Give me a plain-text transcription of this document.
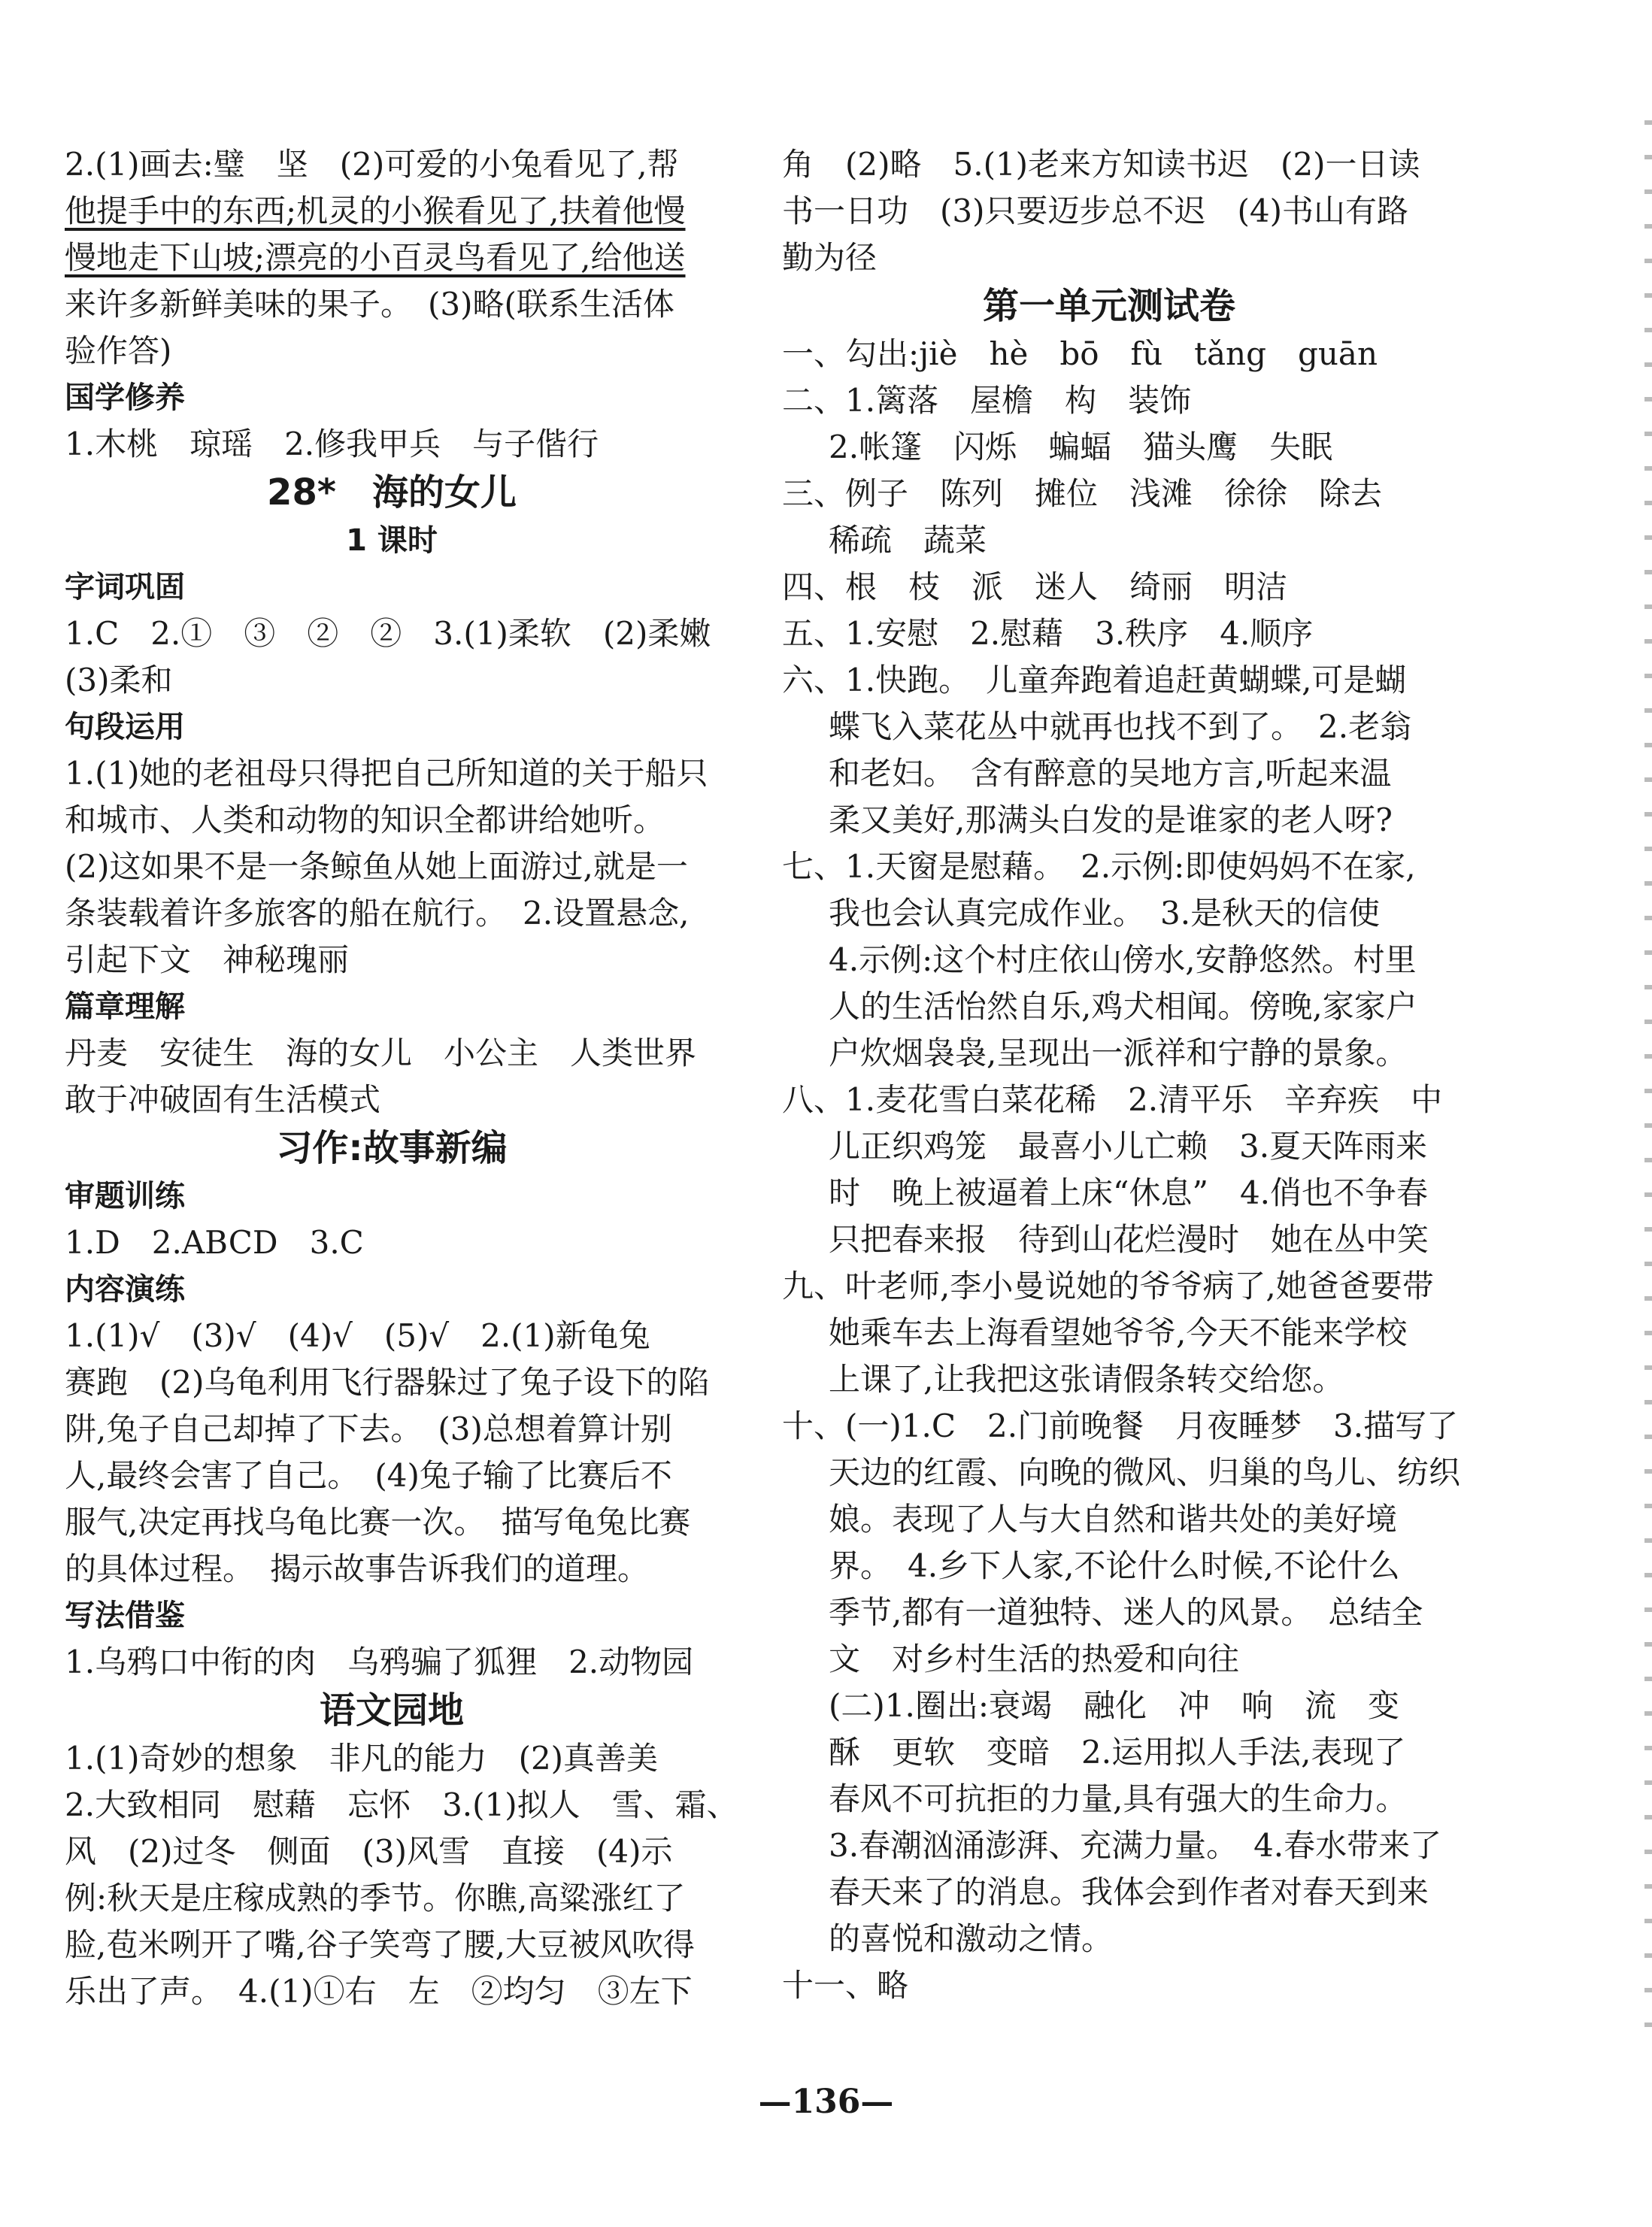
2.(1)画去:璧　坚　(2)可爱的小兔看见了,帮
他提手中的东西;机灵的小猴看见了,扶着他慢
慢地走下山坡;漂亮的小百灵鸟看见了,给他送
来许多新鲜美味的果子。　(3)略(联系生活体
验作答)
国学修养
1.木桃　琼瑶　2.修我甲兵　与子偕行
28*　海的女儿
1 课时
字词巩固
1.C　2.①　③　②　②　3.(1)柔软　(2)柔嫩
(3)柔和
句段运用
1.(1)她的老祖母只得把自己所知道的关于船只
和城市、人类和动物的知识全都讲给她听。
(2)这如果不是一条鲸鱼从她上面游过,就是一
条装载着许多旅客的船在航行。　2.设置悬念,
引起下文　神秘瑰丽
篇章理解
丹麦　安徒生　海的女儿　小公主　人类世界
敢于冲破固有生活模式
习作:故事新编
审题训练
1.D　2.ABCD　3.C
内容演练
1.(1)√　(3)√　(4)√　(5)√　2.(1)新龟兔
赛跑　(2)乌龟利用飞行器躲过了兔子设下的陷
阱,兔子自己却掉了下去。　(3)总想着算计别
人,最终会害了自己。　(4)兔子输了比赛后不
服气,决定再找乌龟比赛一次。　描写龟兔比赛
的具体过程。　揭示故事告诉我们的道理。
写法借鉴
1.乌鸦口中衔的肉　乌鸦骗了狐狸　2.动物园
语文园地
1.(1)奇妙的想象　非凡的能力　(2)真善美
2.大致相同　慰藉　忘怀　3.(1)拟人　雪、霜、
风　(2)过冬　侧面　(3)风雪　直接　(4)示
例:秋天是庄稼成熟的季节。你瞧,高粱涨红了
脸,苞米咧开了嘴,谷子笑弯了腰,大豆被风吹得
乐出了声。　4.(1)①右　左　②均匀　③左下
角　(2)略　5.(1)老来方知读书迟　(2)一日读
书一日功　(3)只要迈步总不迟　(4)书山有路
勤为径
第一单元测试卷
一、勾出:jiè　hè　bō　fù　tǎng　guān
二、1.篱落　屋檐　构　装饰
2.帐篷　闪烁　蝙蝠　猫头鹰　失眠
三、例子　陈列　摊位　浅滩　徐徐　除去
稀疏　蔬菜
四、根　枝　派　迷人　绮丽　明洁
五、1.安慰　2.慰藉　3.秩序　4.顺序
六、1.快跑。　儿童奔跑着追赶黄蝴蝶,可是蝴
蝶飞入菜花丛中就再也找不到了。　2.老翁
和老妇。　含有醉意的吴地方言,听起来温
柔又美好,那满头白发的是谁家的老人呀?
七、1.天窗是慰藉。　2.示例:即使妈妈不在家,
我也会认真完成作业。　3.是秋天的信使
4.示例:这个村庄依山傍水,安静悠然。村里
人的生活怡然自乐,鸡犬相闻。傍晚,家家户
户炊烟袅袅,呈现出一派祥和宁静的景象。
八、1.麦花雪白菜花稀　2.清平乐　辛弃疾　中
儿正织鸡笼　最喜小儿亡赖　3.夏天阵雨来
时　晚上被逼着上床“休息”　4.俏也不争春
只把春来报　待到山花烂漫时　她在丛中笑
九、叶老师,李小曼说她的爷爷病了,她爸爸要带
她乘车去上海看望她爷爷,今天不能来学校
上课了,让我把这张请假条转交给您。
十、(一)1.C　2.门前晚餐　月夜睡梦　3.描写了
天边的红霞、向晚的微风、归巢的鸟儿、纺织
娘。表现了人与大自然和谐共处的美好境
界。　4.乡下人家,不论什么时候,不论什么
季节,都有一道独特、迷人的风景。　总结全
文　对乡村生活的热爱和向往
(二)1.圈出:衰竭　融化　冲　响　流　变
酥　更软　变暗　2.运用拟人手法,表现了
春风不可抗拒的力量,具有强大的生命力。
3.春潮汹涌澎湃、充满力量。　4.春水带来了
春天来了的消息。我体会到作者对春天到来
的喜悦和激动之情。
十一、略
—136—
